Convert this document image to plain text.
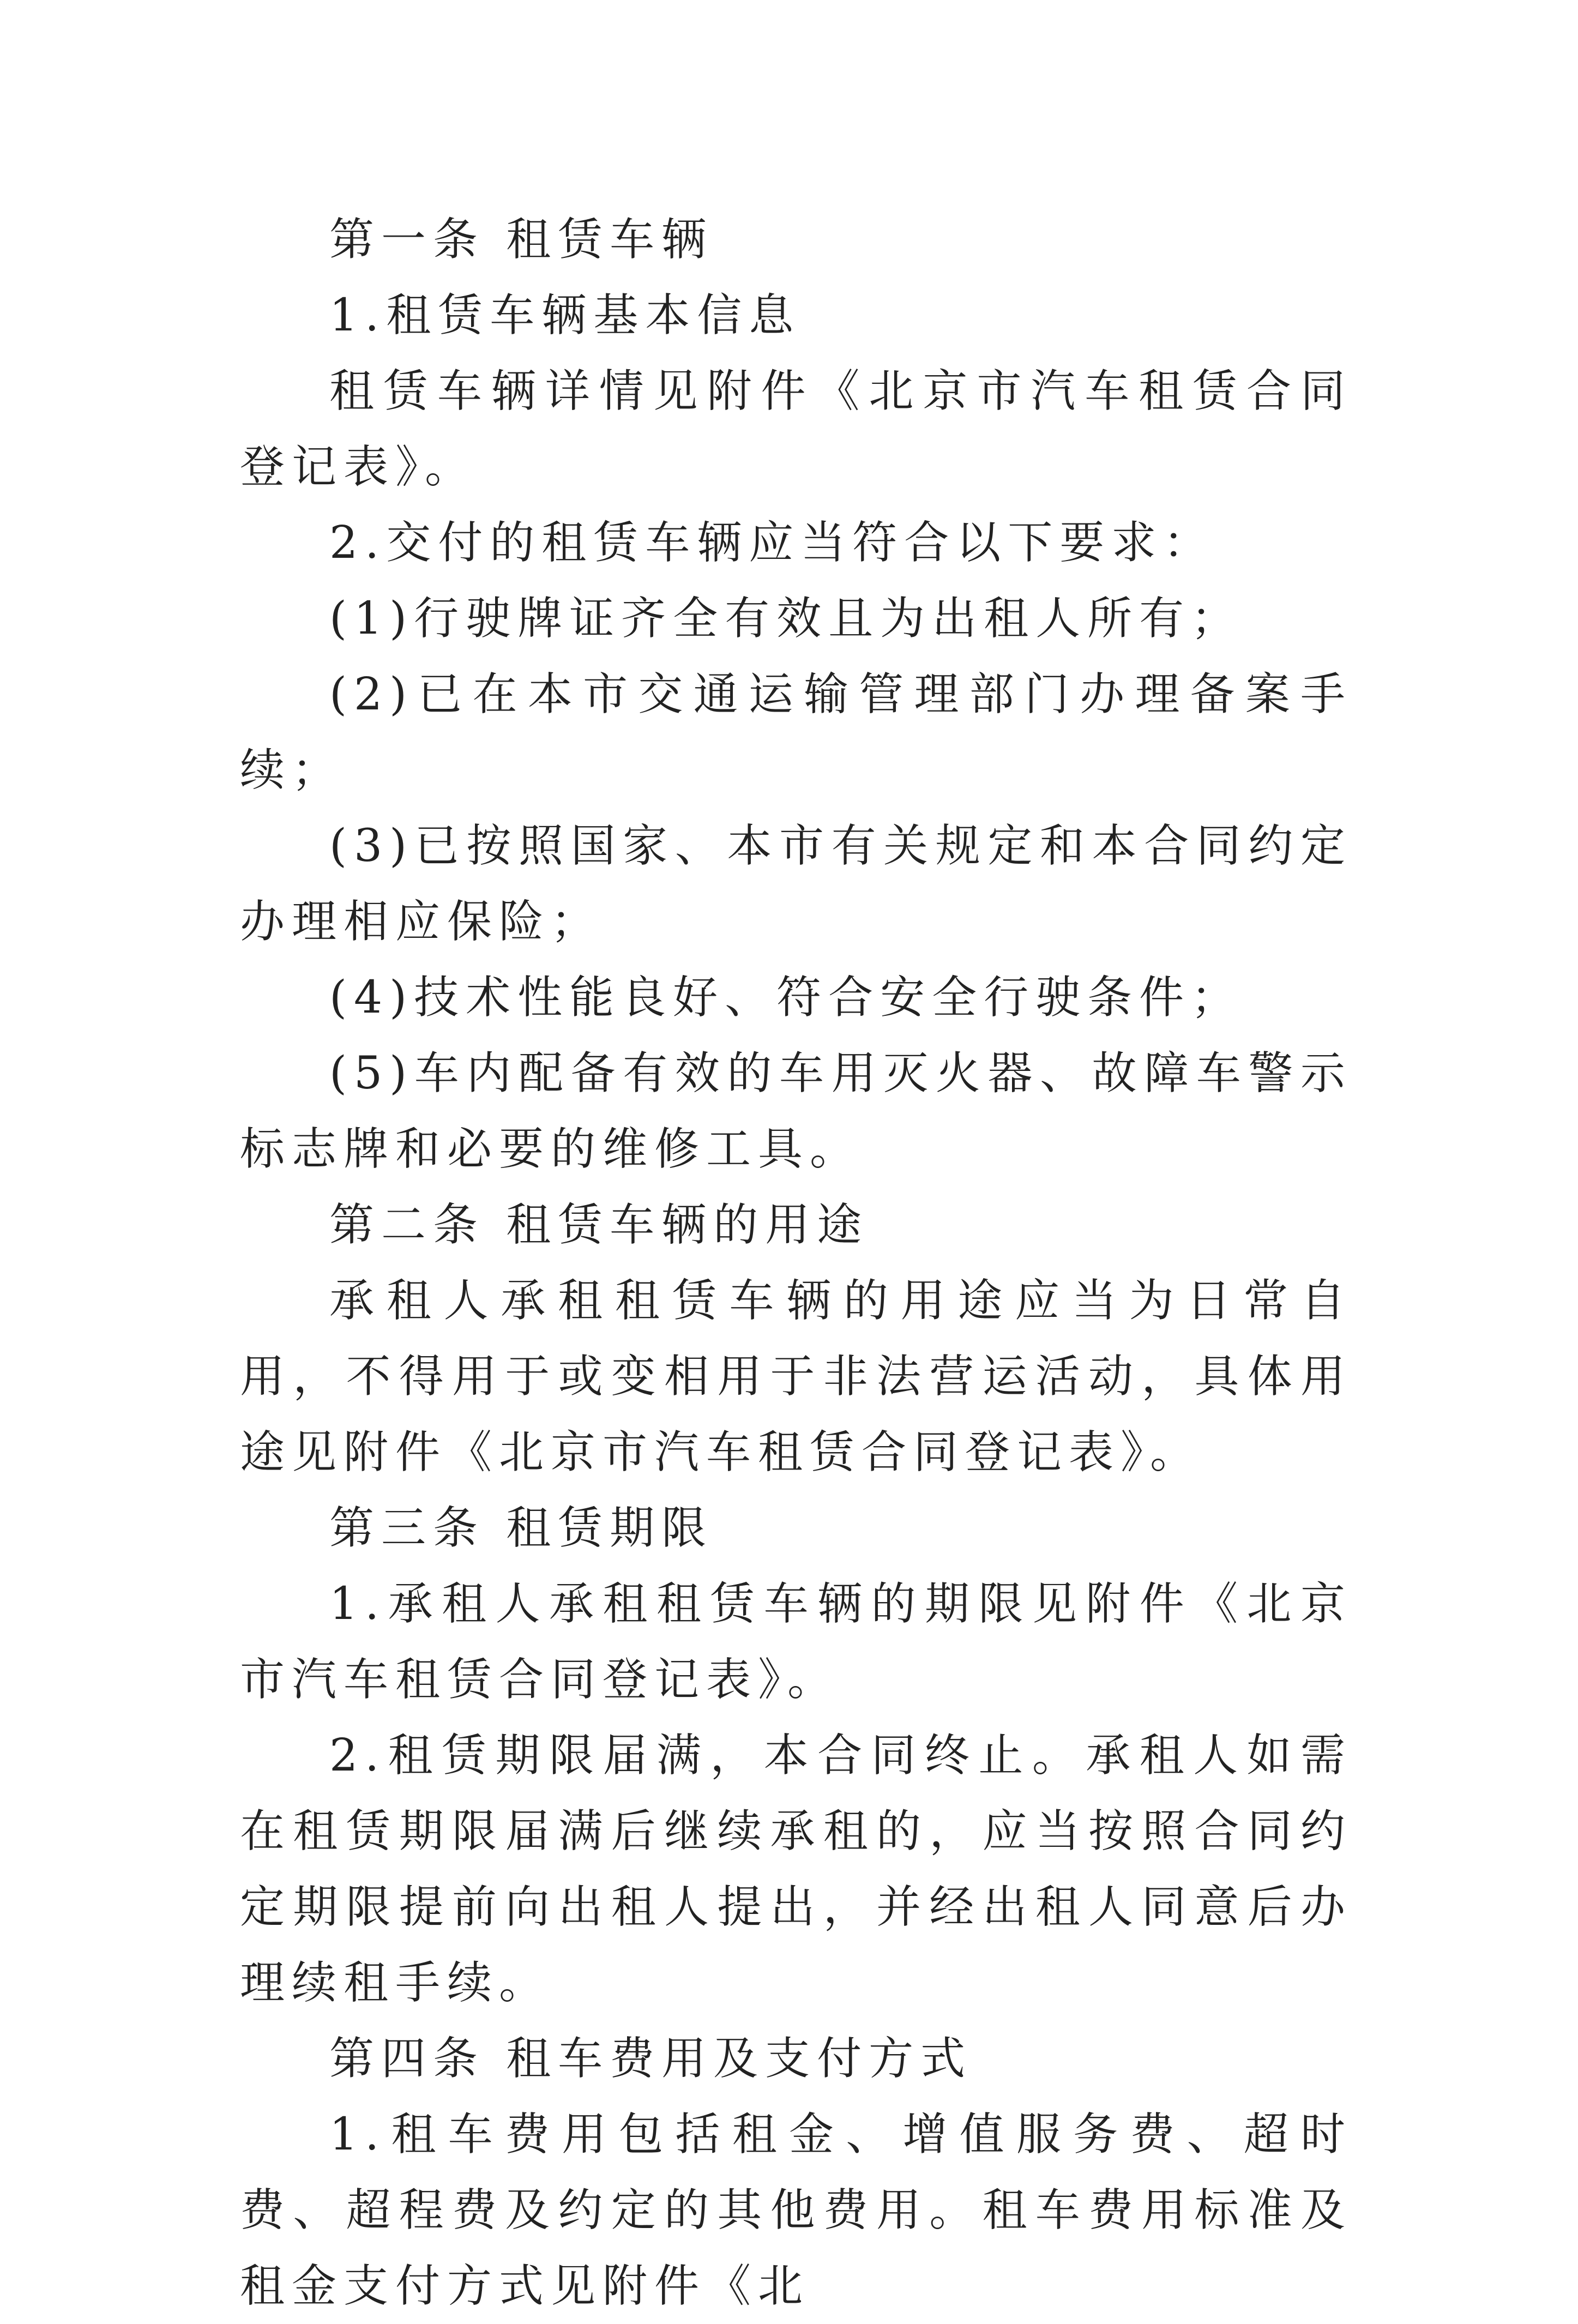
第一条 租赁车辆

1.租赁车辆基本信息

租赁车辆详情见附件《北京市汽车租赁合同登记表》。

2.交付的租赁车辆应当符合以下要求：

(1)行驶牌证齐全有效且为出租人所有；

(2)已在本市交通运输管理部门办理备案手续；

(3)已按照国家、本市有关规定和本合同约定办理相应保险；

(4)技术性能良好、符合安全行驶条件；

(5)车内配备有效的车用灭火器、故障车警示标志牌和必要的维修工具。

第二条 租赁车辆的用途

承租人承租租赁车辆的用途应当为日常自用，不得用于或变相用于非法营运活动，具体用途见附件《北京市汽车租赁合同登记表》。

第三条 租赁期限

1.承租人承租租赁车辆的期限见附件《北京市汽车租赁合同登记表》。

2.租赁期限届满，本合同终止。承租人如需在租赁期限届满后继续承租的，应当按照合同约定期限提前向出租人提出，并经出租人同意后办理续租手续。

第四条 租车费用及支付方式

1.租车费用包括租金、增值服务费、超时费、超程费及约定的其他费用。租车费用标准及租金支付方式见附件《北
